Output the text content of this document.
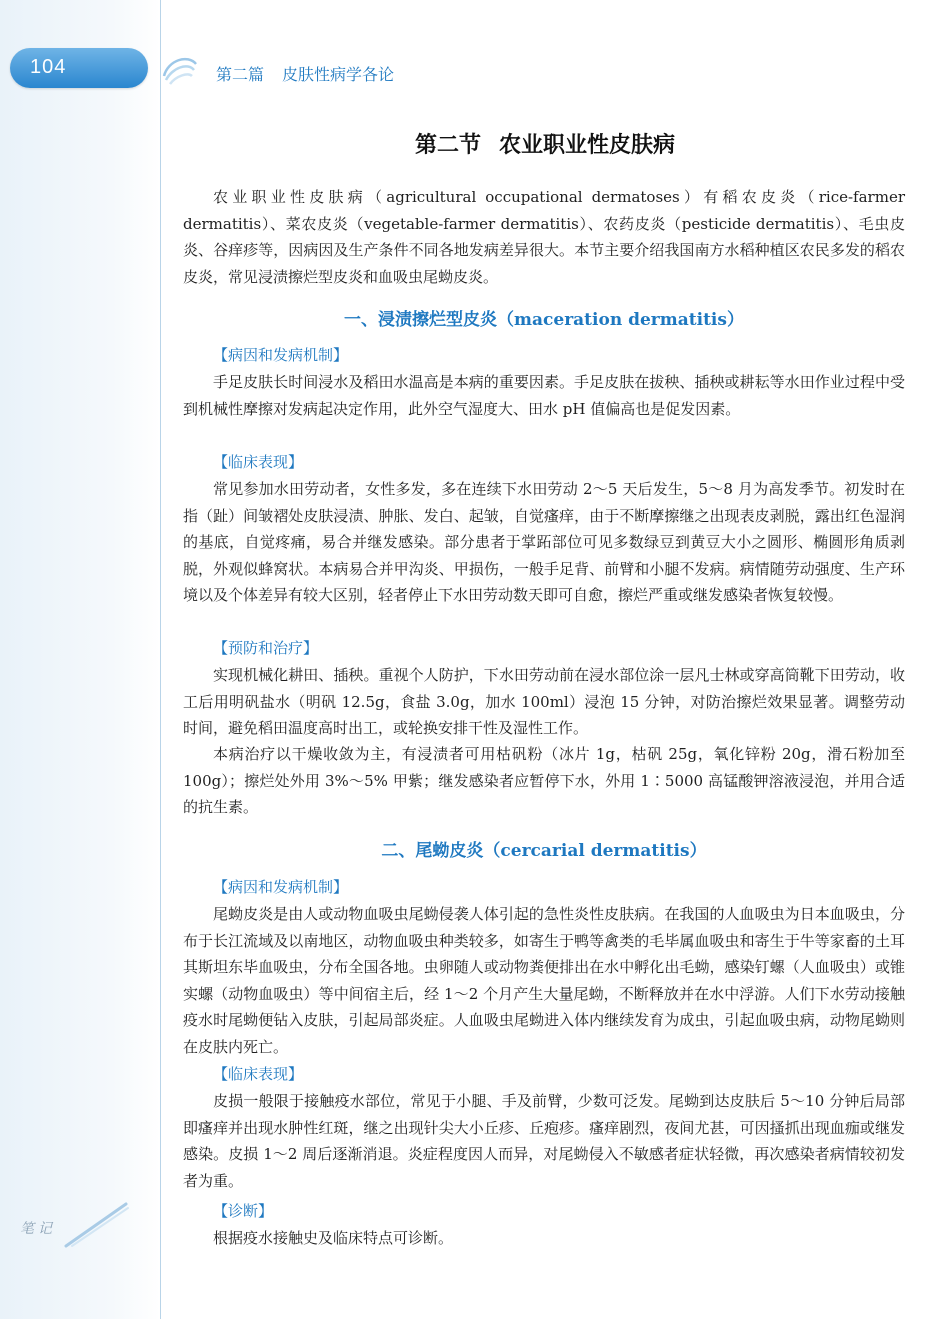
104	第二篇 皮肤性病学各论
第二节 农业职业性皮肤病

农业职业性皮肤病（agricultural occupational dermatoses）有稻农皮炎（rice-farmer dermatitis）、菜农皮炎（vegetable-farmer dermatitis）、农药皮炎（pesticide dermatitis）、毛虫皮炎、谷痒疹等，因病因及生产条件不同各地发病差异很大。本节主要介绍我国南方水稻种植区农民多发的稻农皮炎，常见浸渍擦烂型皮炎和血吸虫尾蚴皮炎。

一、浸渍擦烂型皮炎（maceration dermatitis）
【病因和发病机制】

手足皮肤长时间浸水及稻田水温高是本病的重要因素。手足皮肤在拔秧、插秧或耕耘等水田作业过程中受到机械性摩擦对发病起决定作用，此外空气湿度大、田水 pH 值偏高也是促发因素。

【临床表现】

常见参加水田劳动者，女性多发，多在连续下水田劳动 2～5 天后发生，5～8 月为高发季节。初发时在指（趾）间皱褶处皮肤浸渍、肿胀、发白、起皱，自觉瘙痒，由于不断摩擦继之出现表皮剥脱，露出红色湿润的基底，自觉疼痛，易合并继发感染。部分患者于掌跖部位可见多数绿豆到黄豆大小之圆形、椭圆形角质剥脱，外观似蜂窝状。本病易合并甲沟炎、甲损伤，一般手足背、前臂和小腿不发病。病情随劳动强度、生产环境以及个体差异有较大区别，轻者停止下水田劳动数天即可自愈，擦烂严重或继发感染者恢复较慢。

【预防和治疗】

实现机械化耕田、插秧。重视个人防护，下水田劳动前在浸水部位涂一层凡士林或穿高筒靴下田劳动，收工后用明矾盐水（明矾 12.5g，食盐 3.0g，加水 100ml）浸泡 15 分钟，对防治擦烂效果显著。调整劳动时间，避免稻田温度高时出工，或轮换安排干性及湿性工作。

本病治疗以干燥收敛为主，有浸渍者可用枯矾粉（冰片 1g，枯矾 25g，氧化锌粉 20g，滑石粉加至 100g）；擦烂处外用 3%～5% 甲紫；继发感染者应暂停下水，外用 1∶5000 高锰酸钾溶液浸泡，并用合适的抗生素。

二、尾蚴皮炎（cercarial dermatitis）
【病因和发病机制】

尾蚴皮炎是由人或动物血吸虫尾蚴侵袭人体引起的急性炎性皮肤病。在我国的人血吸虫为日本血吸虫，分布于长江流域及以南地区，动物血吸虫种类较多，如寄生于鸭等禽类的毛毕属血吸虫和寄生于牛等家畜的土耳其斯坦东毕血吸虫，分布全国各地。虫卵随人或动物粪便排出在水中孵化出毛蚴，感染钉螺（人血吸虫）或锥实螺（动物血吸虫）等中间宿主后，经 1～2 个月产生大量尾蚴，不断释放并在水中浮游。人们下水劳动接触疫水时尾蚴便钻入皮肤，引起局部炎症。人血吸虫尾蚴进入体内继续发育为成虫，引起血吸虫病，动物尾蚴则在皮肤内死亡。

【临床表现】

皮损一般限于接触疫水部位，常见于小腿、手及前臂，少数可泛发。尾蚴到达皮肤后 5～10 分钟后局部即瘙痒并出现水肿性红斑，继之出现针尖大小丘疹、丘疱疹。瘙痒剧烈，夜间尤甚，可因搔抓出现血痂或继发感染。皮损 1～2 周后逐渐消退。炎症程度因人而异，对尾蚴侵入不敏感者症状轻微，再次感染者病情较初发者为重。

【诊断】

根据疫水接触史及临床特点可诊断。

笔记
